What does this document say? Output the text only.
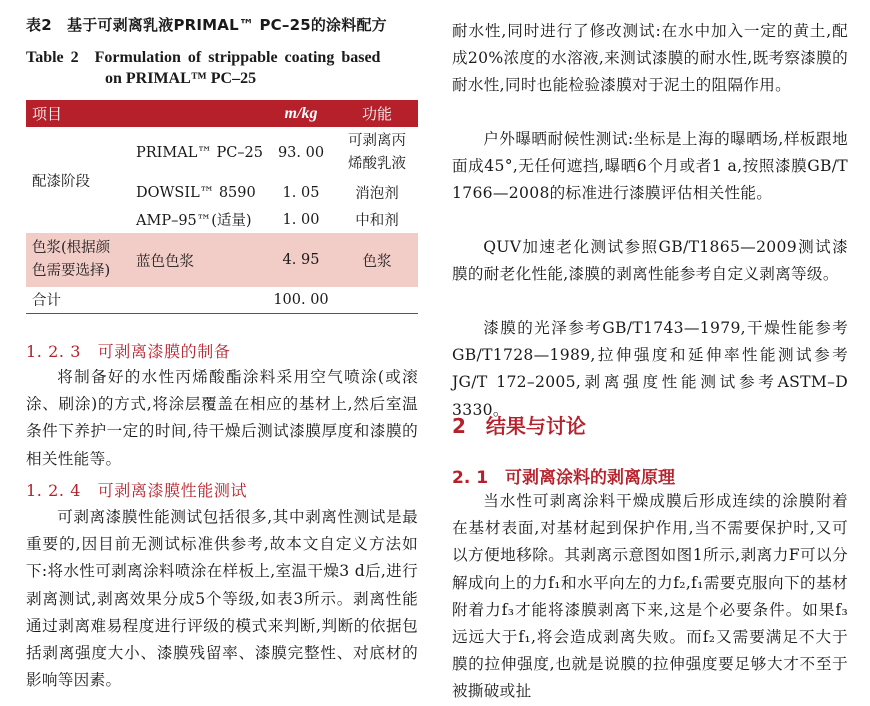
表2　基于可剥离乳液PRIMAL™ PC–25的涂料配方
Table 2　Formulation of strippable coating based
on PRIMAL™ PC–25
项目		m/kg	功能
配漆阶段	PRIMAL™ PC–25	93. 00	可剥离丙
烯酸乳液
	DOWSIL™ 8590	1. 05	消泡剂
	AMP–95™(适量)	1. 00	中和剂
色浆(根据颜
色需要选择)	蓝色色浆	4. 95	色浆
合计		100. 00	
1. 2. 3　可剥离漆膜的制备
将制备好的水性丙烯酸酯涂料采用空气喷涂(或滚涂、刷涂)的方式,将涂层覆盖在相应的基材上,然后室温条件下养护一定的时间,待干燥后测试漆膜厚度和漆膜的相关性能等。
1. 2. 4　可剥离漆膜性能测试
可剥离漆膜性能测试包括很多,其中剥离性测试是最重要的,因目前无测试标准供参考,故本文自定义方法如下:将水性可剥离涂料喷涂在样板上,室温干燥3 d后,进行剥离测试,剥离效果分成5个等级,如表3所示。剥离性能通过剥离难易程度进行评级的模式来判断,判断的依据包括剥离强度大小、漆膜残留率、漆膜完整性、对底材的影响等因素。
耐水性,同时进行了修改测试:在水中加入一定的黄土,配成20%浓度的水溶液,来测试漆膜的耐水性,既考察漆膜的耐水性,同时也能检验漆膜对于泥土的阻隔作用。
户外曝晒耐候性测试:坐标是上海的曝晒场,样板跟地面成45°,无任何遮挡,曝晒6个月或者1 a,按照漆膜GB/T 1766—2008的标准进行漆膜评估相关性能。
QUV加速老化测试参照GB/T1865—2009测试漆膜的耐老化性能,漆膜的剥离性能参考自定义剥离等级。
漆膜的光泽参考GB/T1743—1979,干燥性能参考GB/T1728—1989,拉伸强度和延伸率性能测试参考JG/T 172–2005,剥离强度性能测试参考ASTM–D 3330。
2　结果与讨论
2. 1　可剥离涂料的剥离原理
当水性可剥离涂料干燥成膜后形成连续的涂膜附着在基材表面,对基材起到保护作用,当不需要保护时,又可以方便地移除。其剥离示意图如图1所示,剥离力F可以分解成向上的力f₁和水平向左的力f₂,f₁需要克服向下的基材附着力f₃才能将漆膜剥离下来,这是个必要条件。如果f₃远远大于f₁,将会造成剥离失败。而f₂又需要满足不大于膜的拉伸强度,也就是说膜的拉伸强度要足够大才不至于被撕破或扯
